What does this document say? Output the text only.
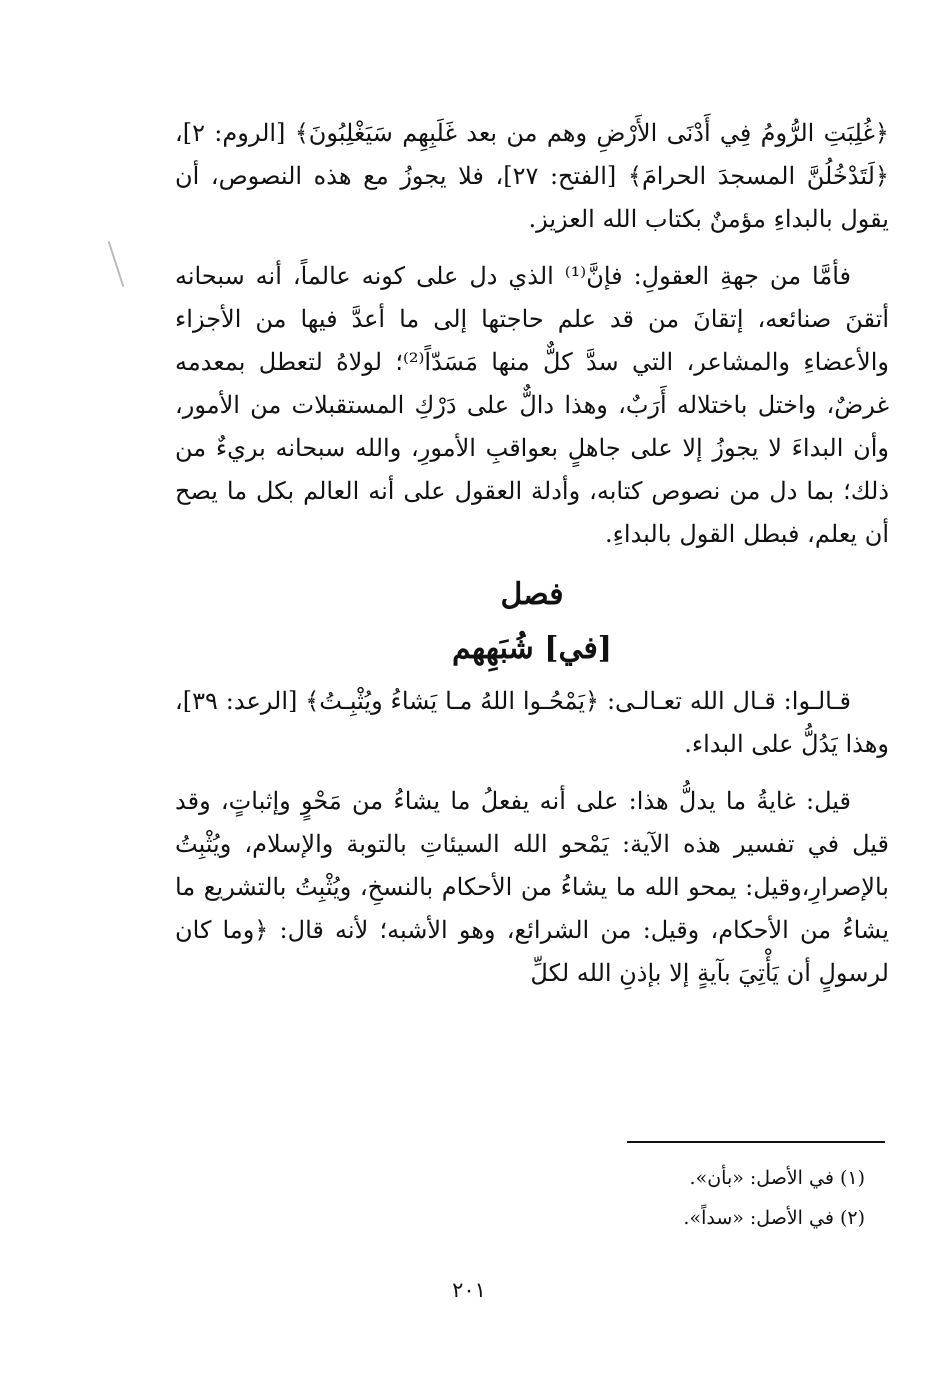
﴿غُلِبَتِ الرُّومُ فِي أَدْنَى الأَرْضِ وهم من بعد غَلَبِهِم سَيَغْلِبُونَ﴾ [الروم: ٢]، ﴿لَتَدْخُلُنَّ المسجدَ الحرامَ﴾ [الفتح: ٢٧]، فلا يجوزُ مع هذه النصوص، أن يقول بالبداءِ مؤمنٌ بكتاب الله العزيز.

فأمَّا من جهةِ العقولِ: فإنَّ⁽¹⁾ الذي دل على كونه عالماً، أنه سبحانه أتقنَ صنائعه، إتقانَ من قد علم حاجتها إلى ما أعدَّ فيها من الأجزاء والأعضاءِ والمشاعر، التي سدَّ كلٌّ منها مَسَدّاً⁽²⁾؛ لولاهُ لتعطل بمعدمه غرضٌ، واختل باختلاله أَرَبٌ، وهذا دالٌّ على دَرْكِ المستقبلات من الأمور، وأن البداءَ لا يجوزُ إلا على جاهلٍ بعواقبِ الأمورِ، والله سبحانه بريءٌ من ذلك؛ بما دل من نصوص كتابه، وأدلة العقول على أنه العالم بكل ما يصح أن يعلم، فبطل القول بالبداءِ.

فصل
[في] شُبَهِهم

قـالـوا: قـال الله تعـالـى: ﴿يَمْحُـوا اللهُ مـا يَشاءُ ويُثْبِـتُ﴾ [الرعد: ٣٩]، وهذا يَدُلُّ على البداء.

قيل: غايةُ ما يدلُّ هذا: على أنه يفعلُ ما يشاءُ من مَحْوٍ وإثباتٍ، وقد قيل في تفسير هذه الآية: يَمْحو الله السيئاتِ بالتوبة والإسلام، ويُثْبِتُ بالإصرارِ،وقيل: يمحو الله ما يشاءُ من الأحكام بالنسخِ، ويُثْبِتُ بالتشريع ما يشاءُ من الأحكام، وقيل: من الشرائع، وهو الأشبه؛ لأنه قال: ﴿وما كان لرسولٍ أن يَأْتِيَ بآيةٍ إلا بإذنِ الله لكلِّ

(١) في الأصل: «بأن».

(٢) في الأصل: «سداً».

٢٠١
